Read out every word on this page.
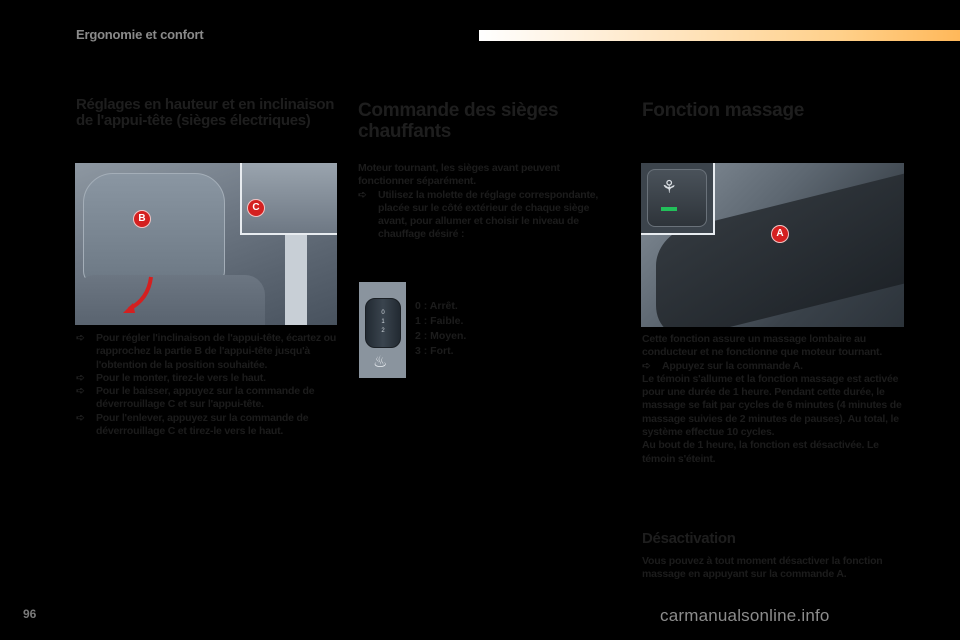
Ergonomie et confort
Réglages en hauteur et en inclinaison de l'appui-tête (sièges électriques)
B
C
➪ Pour régler l'inclinaison de l'appui-tête, écartez ou rapprochez la partie B de l'appui-tête jusqu'à l'obtention de la position souhaitée.
➪ Pour le monter, tirez-le vers le haut.
➪ Pour le baisser, appuyez sur la commande de déverrouillage C et sur l'appui-tête.
➪ Pour l'enlever, appuyez sur la commande de déverrouillage C et tirez-le vers le haut.
Commande des sièges chauffants

Moteur tournant, les sièges avant peuvent fonctionner séparément.

➪ Utilisez la molette de réglage correspondante, placée sur le côté extérieur de chaque siège avant, pour allumer et choisir le niveau de chauffage désiré :
0
1
2
♨
0 : Arrêt.
1 : Faible.
2 : Moyen.
3 : Fort.
Fonction massage
⚘
A

Cette fonction assure un massage lombaire au conducteur et ne fonctionne que moteur tournant.

➪ Appuyez sur la commande A.

Le témoin s'allume et la fonction massage est activée pour une durée de 1 heure. Pendant cette durée, le massage se fait par cycles de 6 minutes (4 minutes de massage suivies de 2 minutes de pauses). Au total, le système effectue 10 cycles.

Au bout de 1 heure, la fonction est désactivée. Le témoin s'éteint.

Désactivation

Vous pouvez à tout moment désactiver la fonction massage en appuyant sur la commande A.

96	carmanualsonline.info
